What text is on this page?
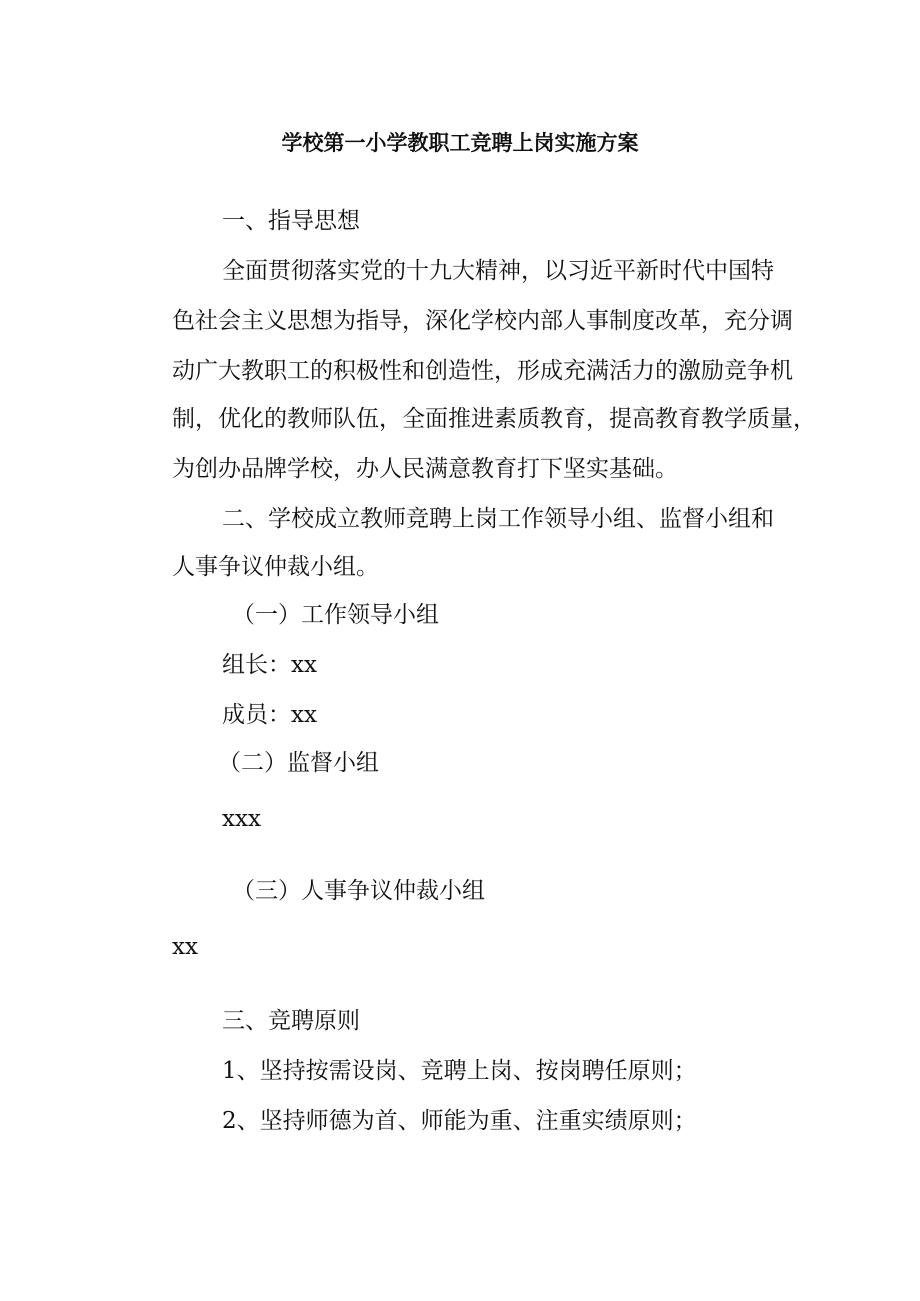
学校第一小学教职工竞聘上岗实施方案

一、指导思想

全面贯彻落实党的十九大精神，以习近平新时代中国特

色社会主义思想为指导，深化学校内部人事制度改革，充分调

动广大教职工的积极性和创造性，形成充满活力的激励竞争机

制，优化的教师队伍，全面推进素质教育，提高教育教学质量，

为创办品牌学校，办人民满意教育打下坚实基础。

二、学校成立教师竞聘上岗工作领导小组、监督小组和

人事争议仲裁小组。

（一）工作领导小组

组长：xx

成员：xx

（二）监督小组

xxx

（三）人事争议仲裁小组

xx

三、竞聘原则

1、坚持按需设岗、竞聘上岗、按岗聘任原则；

2、坚持师德为首、师能为重、注重实绩原则；
